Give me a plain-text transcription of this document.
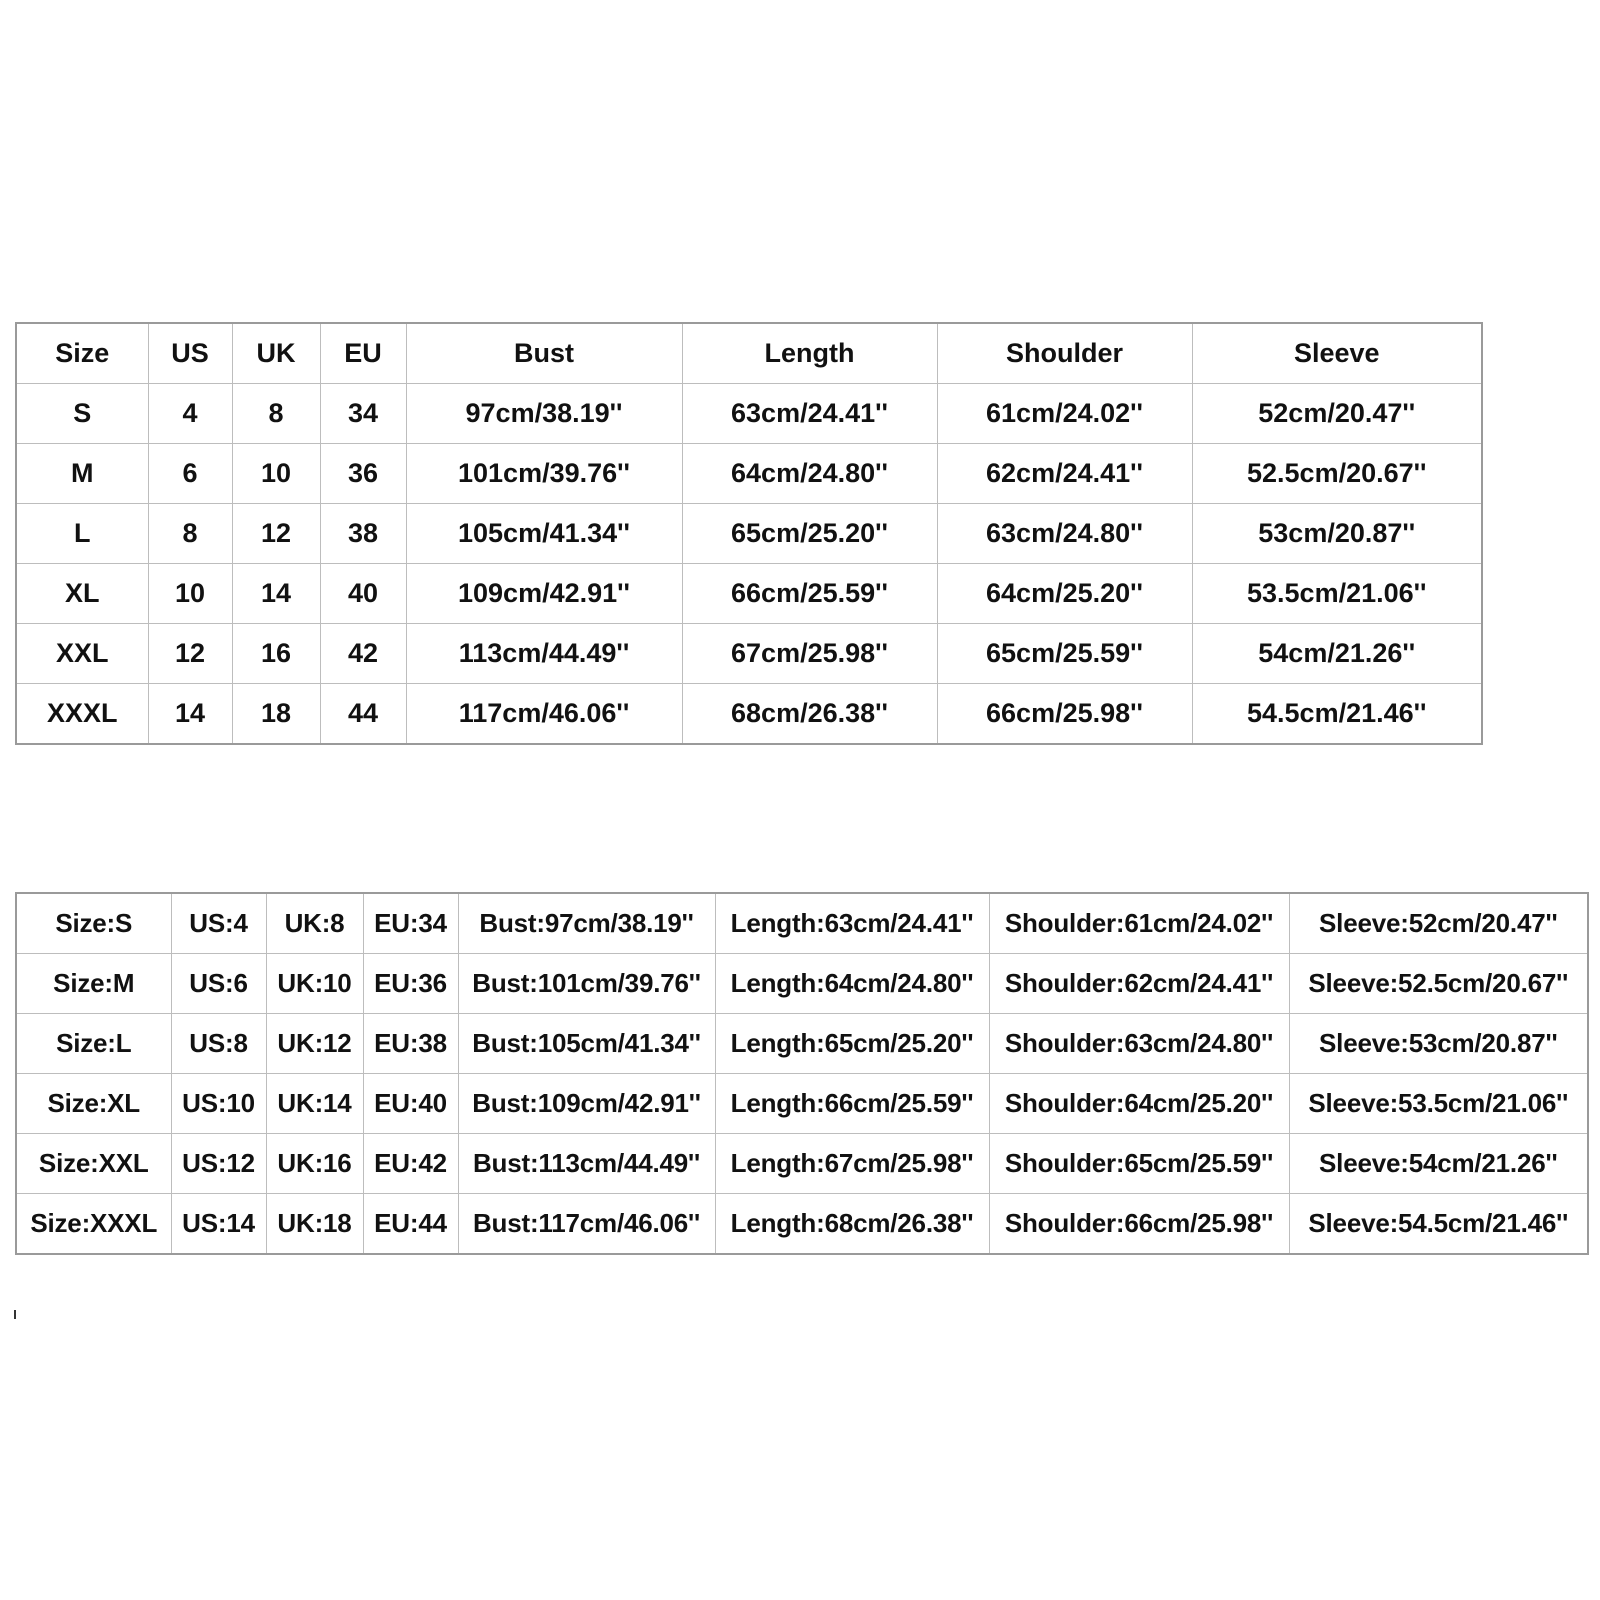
Size	US	UK	EU	Bust	Length	Shoulder	Sleeve
S	4	8	34	97cm/38.19''	63cm/24.41''	61cm/24.02''	52cm/20.47''
M	6	10	36	101cm/39.76''	64cm/24.80''	62cm/24.41''	52.5cm/20.67''
L	8	12	38	105cm/41.34''	65cm/25.20''	63cm/24.80''	53cm/20.87''
XL	10	14	40	109cm/42.91''	66cm/25.59''	64cm/25.20''	53.5cm/21.06''
XXL	12	16	42	113cm/44.49''	67cm/25.98''	65cm/25.59''	54cm/21.26''
XXXL	14	18	44	117cm/46.06''	68cm/26.38''	66cm/25.98''	54.5cm/21.46''
Size:S	US:4	UK:8	EU:34	Bust:97cm/38.19''	Length:63cm/24.41''	Shoulder:61cm/24.02''	Sleeve:52cm/20.47''
Size:M	US:6	UK:10	EU:36	Bust:101cm/39.76''	Length:64cm/24.80''	Shoulder:62cm/24.41''	Sleeve:52.5cm/20.67''
Size:L	US:8	UK:12	EU:38	Bust:105cm/41.34''	Length:65cm/25.20''	Shoulder:63cm/24.80''	Sleeve:53cm/20.87''
Size:XL	US:10	UK:14	EU:40	Bust:109cm/42.91''	Length:66cm/25.59''	Shoulder:64cm/25.20''	Sleeve:53.5cm/21.06''
Size:XXL	US:12	UK:16	EU:42	Bust:113cm/44.49''	Length:67cm/25.98''	Shoulder:65cm/25.59''	Sleeve:54cm/21.26''
Size:XXXL	US:14	UK:18	EU:44	Bust:117cm/46.06''	Length:68cm/26.38''	Shoulder:66cm/25.98''	Sleeve:54.5cm/21.46''
